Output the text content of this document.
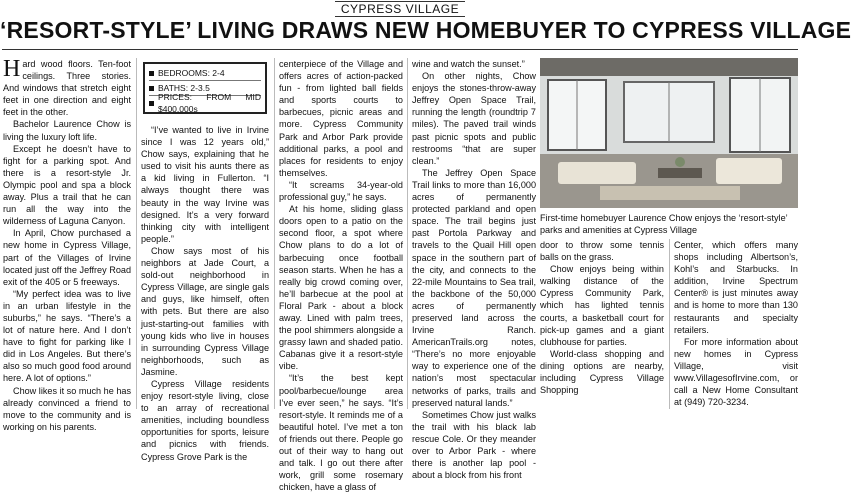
CYPRESS VILLAGE
‘RESORT-STYLE’ LIVING DRAWS NEW HOMEBUYER TO CYPRESS VILLAGE

Hard wood floors. Ten-foot ceilings. Three stories. And windows that stretch eight feet in one direction and eight feet in the other.

Bachelor Laurence Chow is living the luxury loft life.

Except he doesn’t have to fight for a parking spot. And there is a resort-style Jr. Olympic pool and spa a block away. Plus a trail that he can run all the way into the wilderness of Laguna Canyon.

In April, Chow purchased a new home in Cypress Village, part of the Villages of Irvine located just off the Jeffrey Road exit of the 405 or 5 freeways.

“My perfect idea was to live in an urban lifestyle in the suburbs,” he says. “There’s a lot of nature here. And I don’t have to fight for parking like I did in Los Angeles. But there’s also so much good food around here. A lot of options.”

Chow likes it so much he has already convinced a friend to move to the community and is working on his parents.

BEDROOMS: 2-4
BATHS: 2-3.5
PRICES: FROM MID $400,000s

“I’ve wanted to live in Irvine since I was 12 years old,” Chow says, explaining that he used to visit his aunts there as a kid living in Fullerton. “I always thought there was beauty in the way Irvine was designed. It’s a very forward thinking city with intelligent people.”

Chow says most of his neighbors at Jade Court, a sold-out neighborhood in Cypress Village, are single gals and guys, like himself, often with pets. But there are also just-starting-out families with young kids who live in houses in surrounding Cypress Village neighborhoods, such as Jasmine.

Cypress Village residents enjoy resort-style living, close to an array of recreational amenities, including boundless opportunities for sports, leisure and picnics with friends. Cypress Grove Park is the

centerpiece of the Village and offers acres of action-packed fun - from lighted ball fields and sports courts to barbecues, picnic areas and more. Cypress Community Park and Arbor Park provide additional parks, a pool and places for residents to enjoy themselves.

“It screams 34-year-old professional guy,” he says.

At his home, sliding glass doors open to a patio on the second floor, a spot where Chow plans to do a lot of barbecuing once football season starts. When he has a really big crowd coming over, he’ll barbecue at the pool at Floral Park - about a block away. Lined with palm trees, the pool shimmers alongside a grassy lawn and shaded patio. Cabanas give it a resort-style vibe.

“It’s the best kept pool/barbecue/lounge area I’ve ever seen,” he says. “It’s resort-style. It reminds me of a beautiful hotel. I’ve met a ton of friends out there. People go out of their way to hang out and talk. I go out there after work, grill some rosemary chicken, have a glass of

wine and watch the sunset.”

On other nights, Chow enjoys the stones-throw-away Jeffrey Open Space Trail, running the length (roundtrip 7 miles). The paved trail winds past picnic spots and public restrooms “that are super clean.”

The Jeffrey Open Space Trail links to more than 16,000 acres of permanently protected parkland and open space. The trail begins just past Portola Parkway and travels to the Quail Hill open space in the southern part of the city, and connects to the 22-mile Mountains to Sea trail, the backbone of the 50,000 acres of permanently preserved land across the Irvine Ranch. AmericanTrails.org notes, “There’s no more enjoyable way to experience one of the nation’s most spectacular networks of parks, trails and preserved natural lands.”

Sometimes Chow just walks the trail with his black lab rescue Cole. Or they meander over to Arbor Park - where there is another lap pool - about a block from his front

First-time homebuyer Laurence Chow enjoys the ‘resort-style’ parks and amenities at Cypress Village

door to throw some tennis balls on the grass.

Chow enjoys being within walking distance of the Cypress Community Park, which has lighted tennis courts, a basketball court for pick-up games and a giant clubhouse for parties.

World-class shopping and dining options are nearby, including Cypress Village Shopping

Center, which offers many shops including Albertson’s, Kohl’s and Starbucks. In addition, Irvine Spectrum Center® is just minutes away and is home to more than 130 restaurants and specialty retailers.

For more information about new homes in Cypress Village, visit www.VillagesofIrvine.com, or call a New Home Consultant at (949) 720-3234.
